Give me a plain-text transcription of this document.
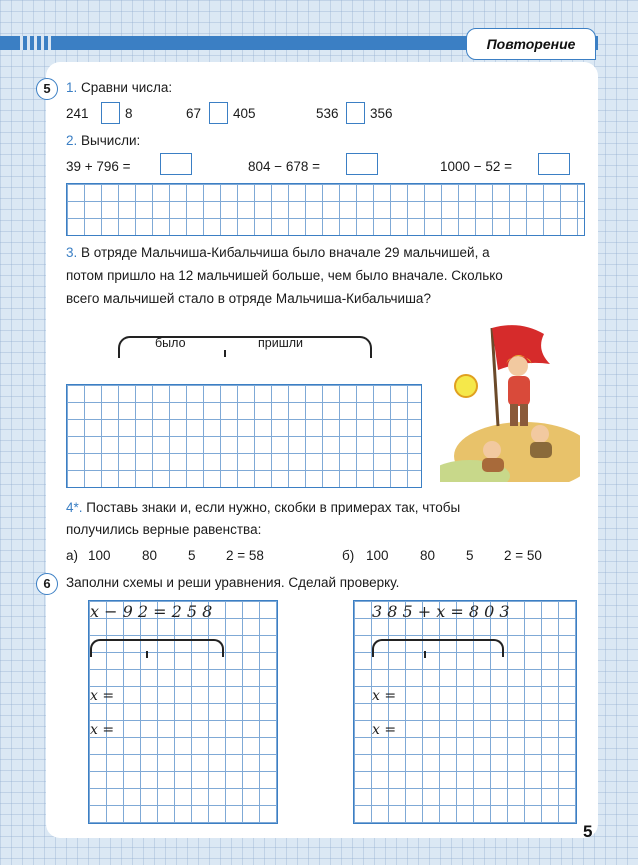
Повторение
5	1. Сравни числа:
241	8	67 405	536 356
2. Вычисли:
39 + 796 =	804 − 678 =	1000 − 52 =
3. В отряде Мальчиша-Кибальчиша было вначале 29 мальчишей, а
потом пришло на 12 мальчишей больше, чем было вначале. Сколько
всего мальчишей стало в отряде Мальчиша-Кибальчиша?
было	пришли
4*. Поставь знаки и, если нужно, скобки в примерах так, чтобы
получились верные равенства:
а) 100 80 5 2 = 58	б) 100 80 5 2 = 50
6	Заполни схемы и реши уравнения. Сделай проверку.
x − 9 2 = 2 5 8	3 8 5 + x = 8 0 3
x =
x =
x =
x =
5
